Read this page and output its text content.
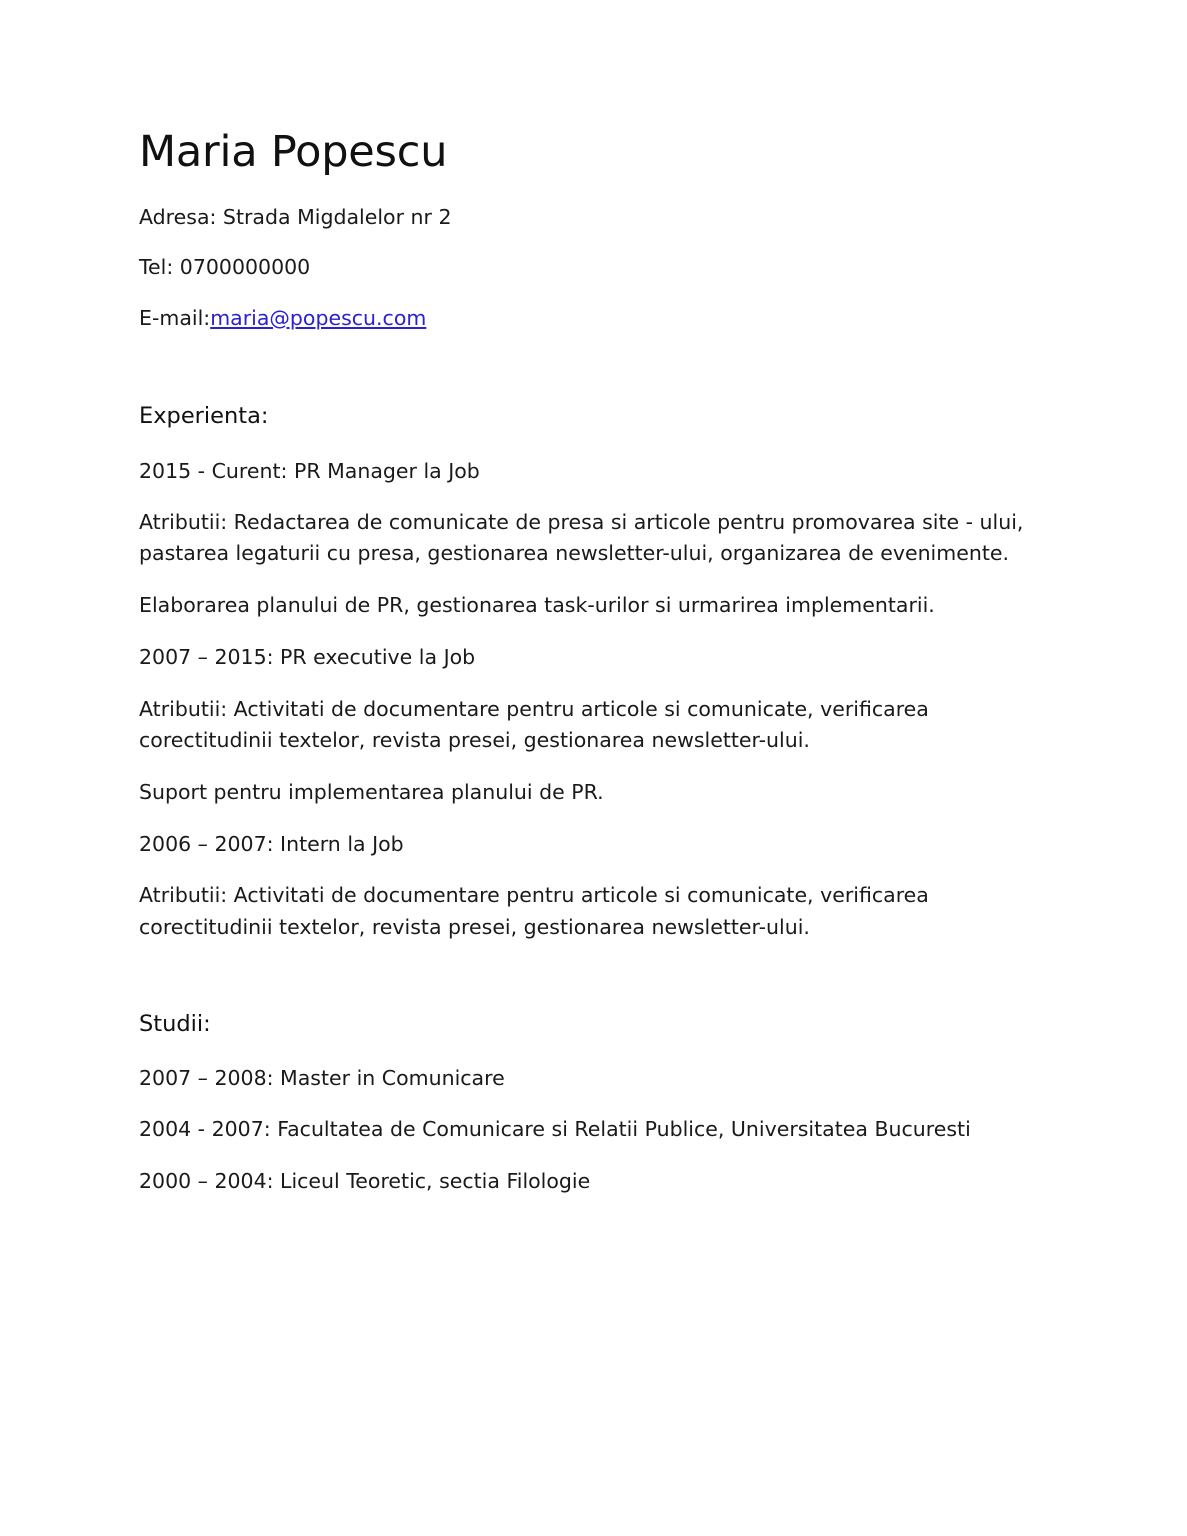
Maria Popescu

Adresa: Strada Migdalelor nr 2

Tel: 0700000000

E-mail:maria@popescu.com

Experienta:

2015 - Curent: PR Manager la Job

Atributii: Redactarea de comunicate de presa si articole pentru promovarea site - ului, pastarea legaturii cu presa, gestionarea newsletter-ului, organizarea de evenimente.

Elaborarea planului de PR, gestionarea task-urilor si urmarirea implementarii.

2007 – 2015: PR executive la Job

Atributii: Activitati de documentare pentru articole si comunicate, verificarea corectitudinii textelor, revista presei, gestionarea newsletter-ului.

Suport pentru implementarea planului de PR.

2006 – 2007: Intern la Job

Atributii: Activitati de documentare pentru articole si comunicate, verificarea corectitudinii textelor, revista presei, gestionarea newsletter-ului.

Studii:

2007 – 2008: Master in Comunicare

2004 - 2007: Facultatea de Comunicare si Relatii Publice, Universitatea Bucuresti

2000 – 2004: Liceul Teoretic, sectia Filologie
